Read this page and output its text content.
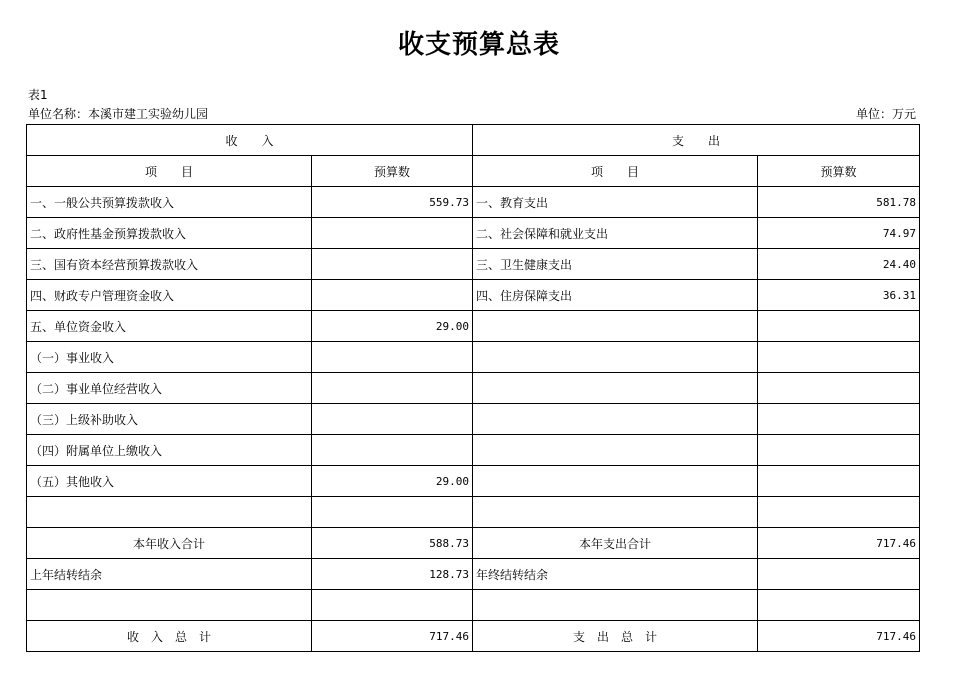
收支预算总表
表1
单位名称：本溪市建工实验幼儿园	单位：万元
收　　入		支　　出	
项　　目	预算数	项　　目	预算数
一、一般公共预算拨款收入	559.73	一、教育支出	581.78
二、政府性基金预算拨款收入		二、社会保障和就业支出	74.97
三、国有资本经营预算拨款收入		三、卫生健康支出	24.40
四、财政专户管理资金收入		四、住房保障支出	36.31
五、单位资金收入	29.00		
（一）事业收入			
（二）事业单位经营收入			
（三）上级补助收入			
（四）附属单位上缴收入			
（五）其他收入	29.00		

本年收入合计	588.73	本年支出合计	717.46
上年结转结余	128.73	年终结转结余	

收　入　总　计	717.46	支　出　总　计	717.46
